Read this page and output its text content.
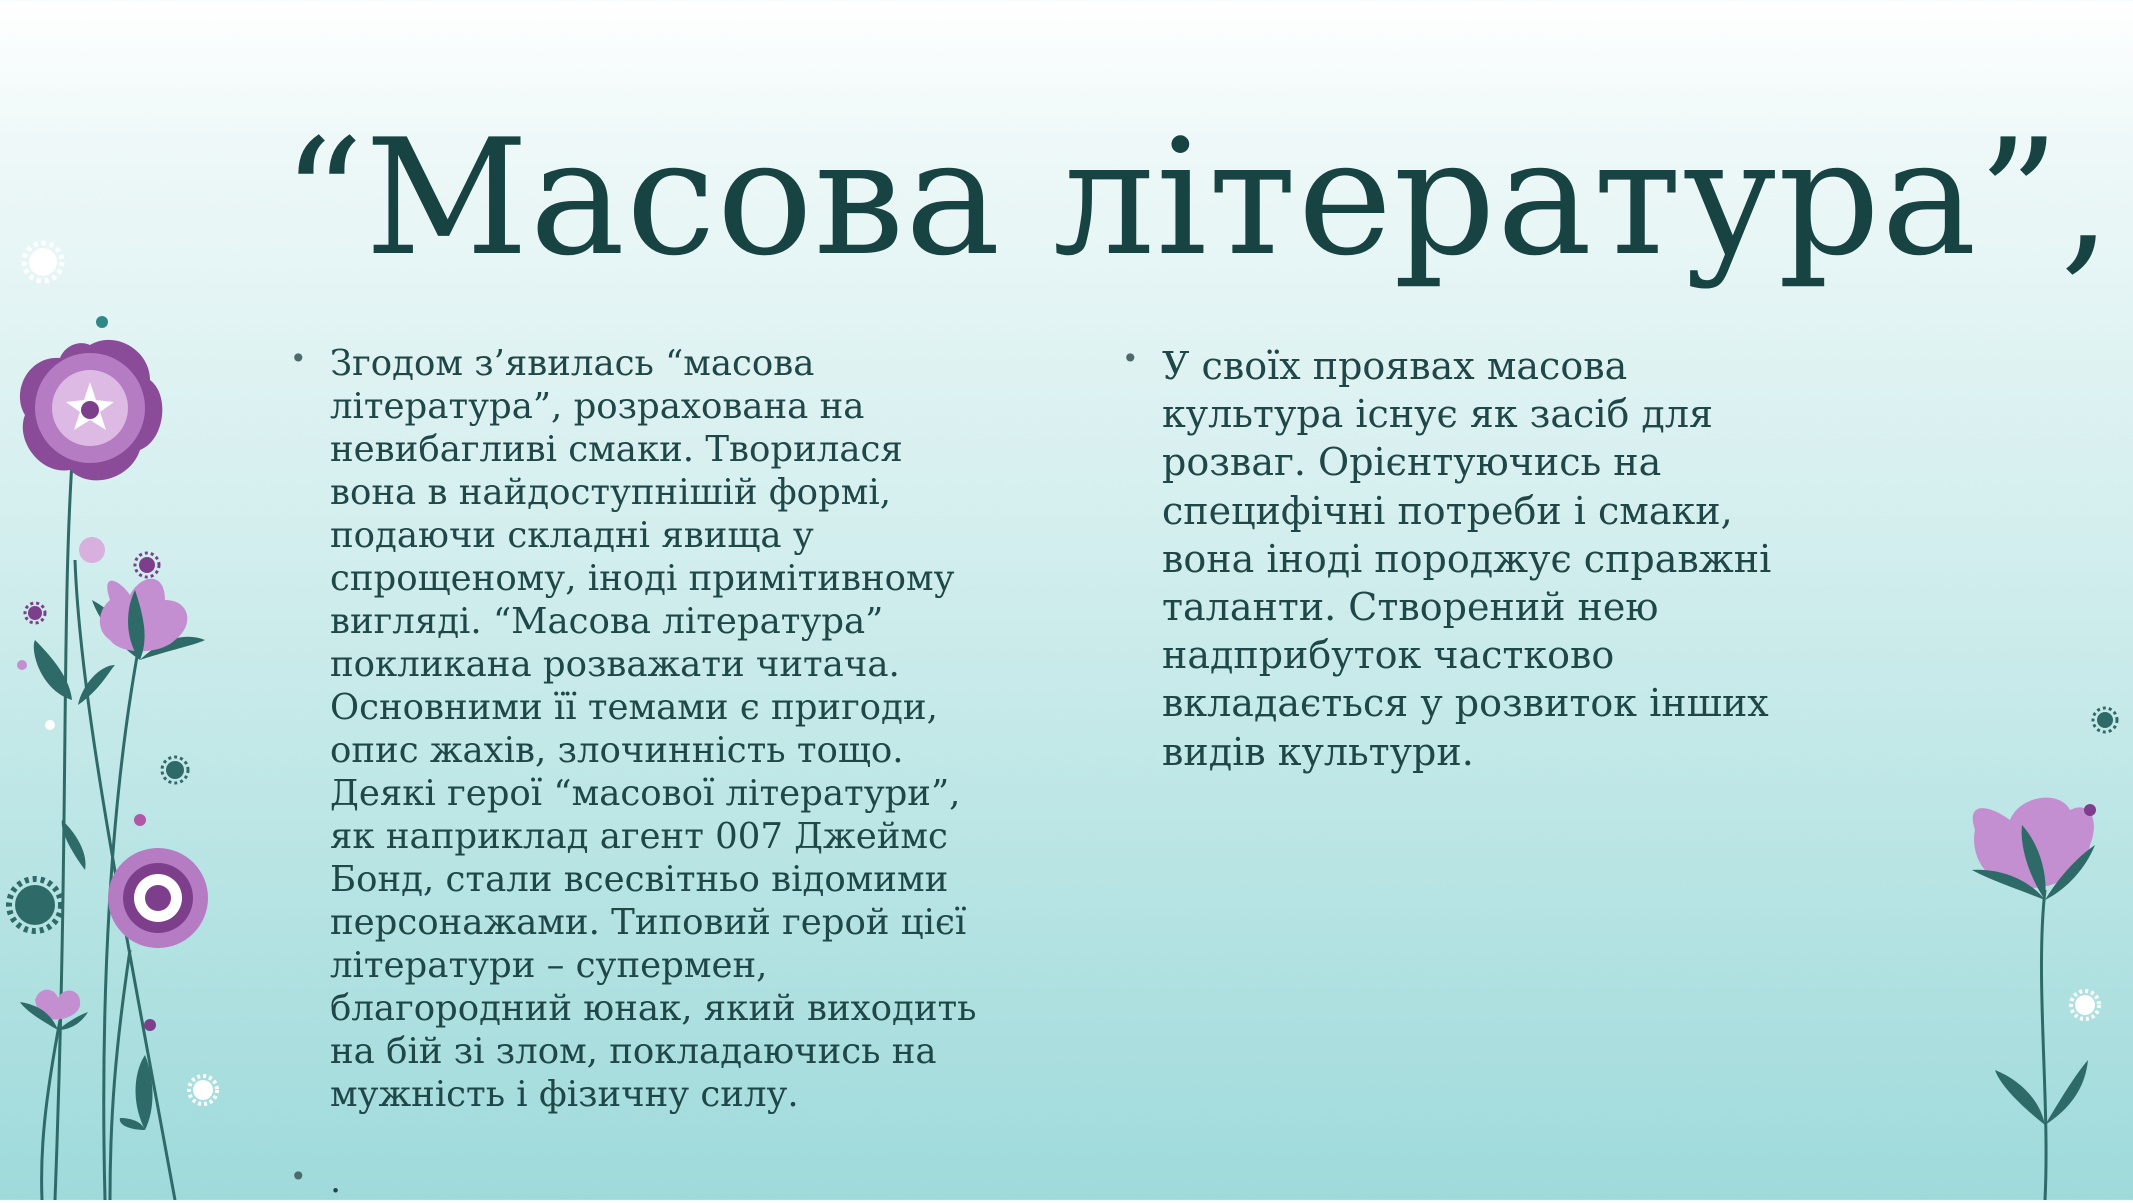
“Масова література”,
• Згодом з’явилась “масова
література”, розрахована на
невибагливі смаки. Творилася
вона в найдоступнішій формі,
подаючи складні явища у
спрощеному, іноді примітивному
вигляді. “Масова література”
покликана розважати читача.
Основними її темами є пригоди,
опис жахів, злочинність тощо.
Деякі герої “масової літератури”,
як наприклад агент 007 Джеймс
Бонд, стали всесвітньо відомими
персонажами. Типовий герой цієї
літератури – супермен,
благородний юнак, який виходить
на бій зі злом, покладаючись на
мужність і фізичну силу.
• .
• У своїх проявах масова
культура існує як засіб для
розваг. Орієнтуючись на
специфічні потреби і смаки,
вона іноді породжує справжні
таланти. Створений нею
надприбуток частково
вкладається у розвиток інших
видів культури.
